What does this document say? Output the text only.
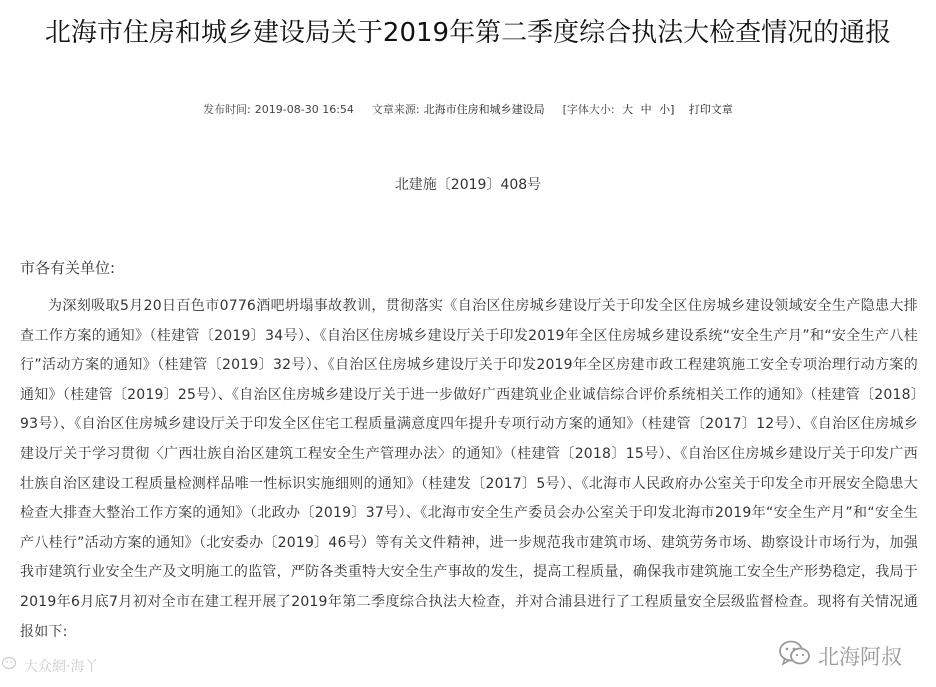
北海市住房和城乡建设局关于2019年第二季度综合执法大检查情况的通报
发布时间: 2019-08-30 16:54 文章来源: 北海市住房和城乡建设局 [字体大小: 大 中 小] 打印文章
北建施〔2019〕408号
市各有关单位:
为深刻吸取5月20日百色市0776酒吧坍塌事故教训，贯彻落实《自治区住房城乡建设厅关于印发全区住房城乡建设领域安全生产隐患大排查工作方案的通知》（桂建管〔2019〕34号）、《自治区住房城乡建设厅关于印发2019年全区住房城乡建设系统“安全生产月”和“安全生产八桂行”活动方案的通知》（桂建管〔2019〕32号）、《自治区住房城乡建设厅关于印发2019年全区房建市政工程建筑施工安全专项治理行动方案的通知》（桂建管〔2019〕25号）、《自治区住房城乡建设厅关于进一步做好广西建筑业企业诚信综合评价系统相关工作的通知》（桂建管〔2018〕93号）、《自治区住房城乡建设厅关于印发全区住宅工程质量满意度四年提升专项行动方案的通知》（桂建管〔2017〕12号）、《自治区住房城乡建设厅关于学习贯彻〈广西壮族自治区建筑工程安全生产管理办法〉的通知》（桂建管〔2018〕15号）、《自治区住房城乡建设厅关于印发广西壮族自治区建设工程质量检测样品唯一性标识实施细则的通知》（桂建发〔2017〕5号）、《北海市人民政府办公室关于印发全市开展安全隐患大检查大排查大整治工作方案的通知》（北政办〔2019〕37号）、《北海市安全生产委员会办公室关于印发北海市2019年“安全生产月”和“安全生产八桂行”活动方案的通知》（北安委办〔2019〕46号）等有关文件精神，进一步规范我市建筑市场、建筑劳务市场、勘察设计市场行为，加强我市建筑行业安全生产及文明施工的监管，严防各类重特大安全生产事故的发生，提高工程质量，确保我市建筑施工安全生产形势稳定，我局于2019年6月底7月初对全市在建工程开展了2019年第二季度综合执法大检查，并对合浦县进行了工程质量安全层级监督检查。现将有关情况通报如下:
大众網·海丫	北海阿叔
